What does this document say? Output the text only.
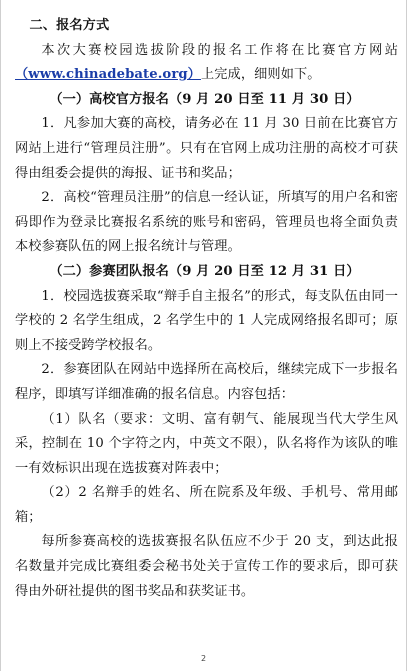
二、报名方式

本次大赛校园选拔阶段的报名工作将在比赛官方网站（www.chinadebate.org）上完成，细则如下。

（一）高校官方报名（9 月 20 日至 11 月 30 日）

1．凡参加大赛的高校，请务必在 11 月 30 日前在比赛官方网站上进行“管理员注册”。只有在官网上成功注册的高校才可获得由组委会提供的海报、证书和奖品；

2．高校“管理员注册”的信息一经认证，所填写的用户名和密码即作为登录比赛报名系统的账号和密码，管理员也将全面负责本校参赛队伍的网上报名统计与管理。

（二）参赛团队报名（9 月 20 日至 12 月 31 日）

1．校园选拔赛采取“辩手自主报名”的形式，每支队伍由同一学校的 2 名学生组成，2 名学生中的 1 人完成网络报名即可；原则上不接受跨学校报名。

2．参赛团队在网站中选择所在高校后，继续完成下一步报名程序，即填写详细准确的报名信息。内容包括：

（1）队名（要求：文明、富有朝气、能展现当代大学生风采，控制在 10 个字符之内，中英文不限），队名将作为该队的唯一有效标识出现在选拔赛对阵表中；

（2）2 名辩手的姓名、所在院系及年级、手机号、常用邮箱；

每所参赛高校的选拔赛报名队伍应不少于 20 支，到达此报名数量并完成比赛组委会秘书处关于宣传工作的要求后，即可获得由外研社提供的图书奖品和获奖证书。

2
